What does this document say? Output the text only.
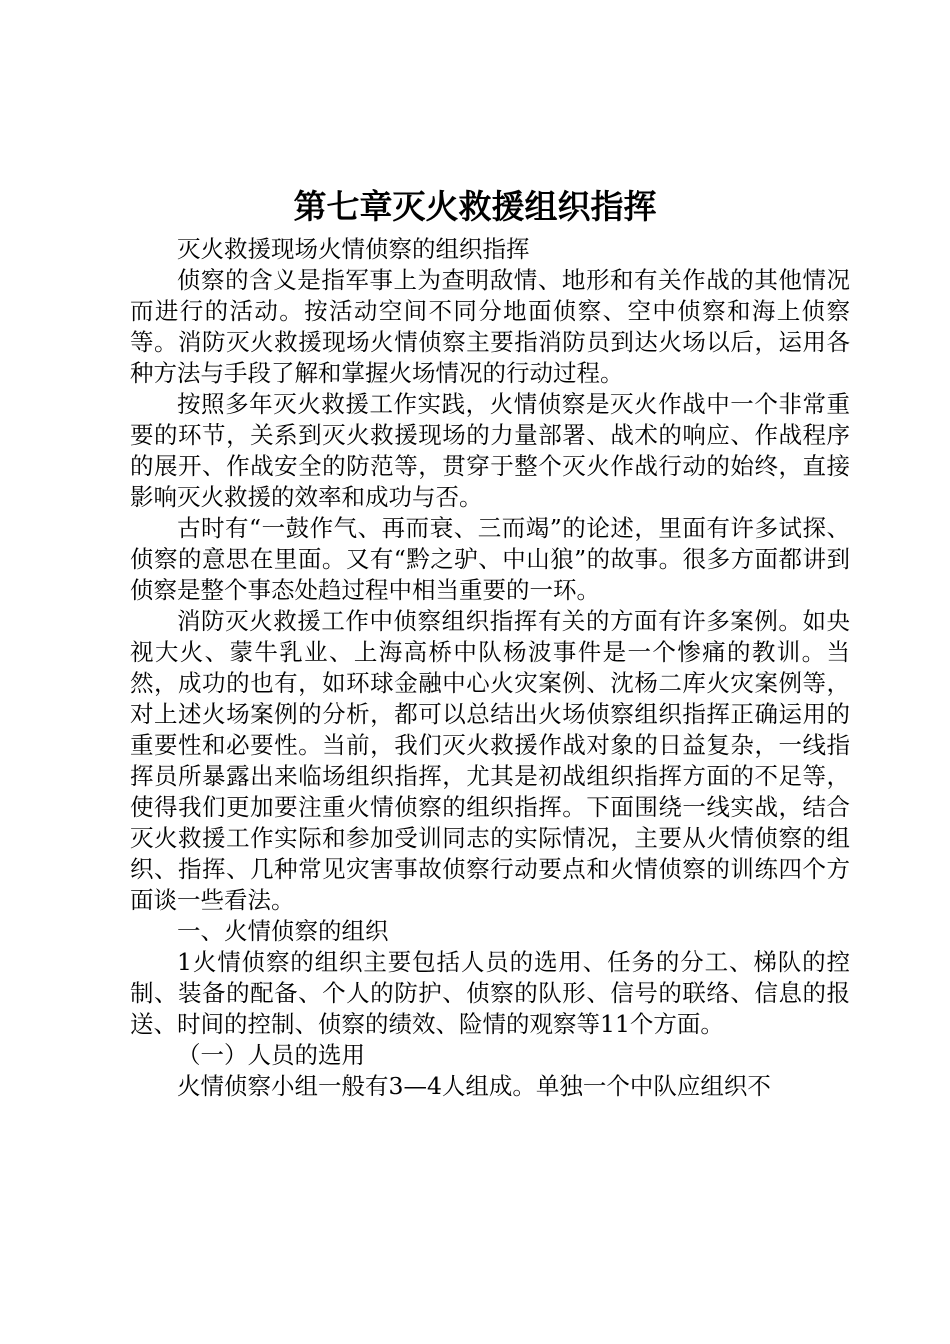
第七章灭火救援组织指挥

灭火救援现场火情侦察的组织指挥

侦察的含义是指军事上为查明敌情、地形和有关作战的其他情况而进行的活动。按活动空间不同分地面侦察、空中侦察和海上侦察等。消防灭火救援现场火情侦察主要指消防员到达火场以后，运用各种方法与手段了解和掌握火场情况的行动过程。

按照多年灭火救援工作实践，火情侦察是灭火作战中一个非常重要的环节，关系到灭火救援现场的力量部署、战术的响应、作战程序的展开、作战安全的防范等，贯穿于整个灭火作战行动的始终，直接影响灭火救援的效率和成功与否。

古时有“一鼓作气、再而衰、三而竭”的论述，里面有许多试探、侦察的意思在里面。又有“黔之驴、中山狼”的故事。很多方面都讲到侦察是整个事态处趋过程中相当重要的一环。

消防灭火救援工作中侦察组织指挥有关的方面有许多案例。如央视大火、蒙牛乳业、上海高桥中队杨波事件是一个惨痛的教训。当然，成功的也有，如环球金融中心火灾案例、沈杨二库火灾案例等，对上述火场案例的分析，都可以总结出火场侦察组织指挥正确运用的重要性和必要性。当前，我们灭火救援作战对象的日益复杂，一线指挥员所暴露出来临场组织指挥，尤其是初战组织指挥方面的不足等，使得我们更加要注重火情侦察的组织指挥。下面围绕一线实战，结合灭火救援工作实际和参加受训同志的实际情况，主要从火情侦察的组织、指挥、几种常见灾害事故侦察行动要点和火情侦察的训练四个方面谈一些看法。

一、火情侦察的组织

1火情侦察的组织主要包括人员的选用、任务的分工、梯队的控制、装备的配备、个人的防护、侦察的队形、信号的联络、信息的报送、时间的控制、侦察的绩效、险情的观察等11个方面。

（一）人员的选用

火情侦察小组一般有3—4人组成。单独一个中队应组织不
